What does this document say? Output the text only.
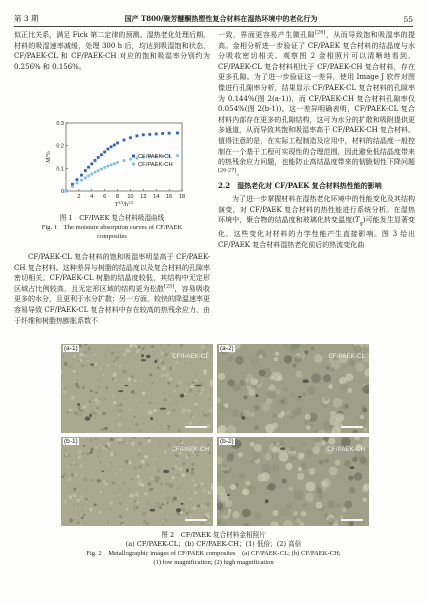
第 3 期	国产 T800/聚芳醚酮热塑性复合材料在湿热环境中的老化行为	55

似正比关系，满足 Fick 第二定律的预测。湿热老化处理后期，材料的吸湿速率减缓，处理 300 h 后，均达到吸湿饱和状态，CF/PAEK-CL 和 CF/PAEK-CH 对应的饱和吸湿率分别约为 0.256% 和 0.156%。

2 4 6 8 10 12 14 16 18
0
0.1
0.2
0.3
M/%
$T^{1/2}/h^{1/2}$
CF/PAEK-CL
CF/PAEK-CH
图 1　CF/PAEK 复合材料吸湿曲线
Fig. 1　The moisture absorption curves of CF/PAEK
composites

CF/PAEK-CL 复合材料的饱和吸湿率明显高于 CF/PAEK-CH 复合材料。这种差异与树脂的结晶度以及复合材料的孔隙率密切相关。CF/PAEK-CL 树脂的结晶度较低，其结构中无定形区域占比例较高，且无定形区域的结构更为松散[25]，容易吸收更多的水分，且更利于水分扩散；另一方面，较快的降温速率更容易导致 CF/PAEK-CL 复合材料中存在较高的热残余应力，由于纤维和树脂热膨胀系数不

一致，界面更容易产生微孔隙[26]，从而导致饱和吸湿率的提高。金相分析进一步验证了 CF/PAEK 复合材料的结晶度与水分吸收密切相关。观察图 2 金相照片可以清晰地看到，CF/PAEK-CL 复合材料相比于 CF/PAEK-CH 复合材料，存在更多孔隙。为了进一步验证这一差异，使用 Image J 软件对图像进行孔隙率分析，结果显示 CF/PAEK-CL 复合材料的孔隙率为 0.144%(图 2(a-1))，而 CF/PAEK-CH 复合材料孔隙率仅 0.054%(图 2(b-1))。这一差异明确表明，CF/PAEK-CL 复合材料内部存在更多的孔隙结构，这可为水分的扩散和吸附提供更多通道，从而导致其饱和吸湿率高于 CF/PAEK-CH 复合材料。值得注意的是，在实际工程制造及应用中，材料的结晶度一般控制在一个基于工程可实现性的合理范围，因此避免低结晶度带来的热残余应力问题，也能防止高结晶度带来的韧脆韧性下降问题[26-27]。

2.2　湿热老化对 CF/PAEK 复合材料热性能的影响

为了进一步掌握材料在湿热老化环境中的性能变化及其结构演变，对 CF/PAEK 复合材料的热性能进行系统分析。在湿热环境中，聚合物的结晶度和玻璃化转变温度$(T_g)$可能发生显著变化，这些变化对材料的力学性能产生直接影响。图 3 给出 CF/PAEK 复合材料湿热老化前后的热流变化曲

(a-1)
CF/PAEK-CL
(a-2)
CF/PAEK-CL
(b-1)
CF/PAEK-CH
(b-2)
CF/PAEK-CH
图 2　CF/PAEK 复合材料金相照片
(a) CF/PAEK-CL；(b) CF/PAEK-CH；(1) 低倍；(2) 高倍
Fig. 2　Metallographic images of CF/PAEK composites　(a) CF/PAEK-CL; (b) CF/PAEK-CH;
(1) low magnification; (2) high magnification
